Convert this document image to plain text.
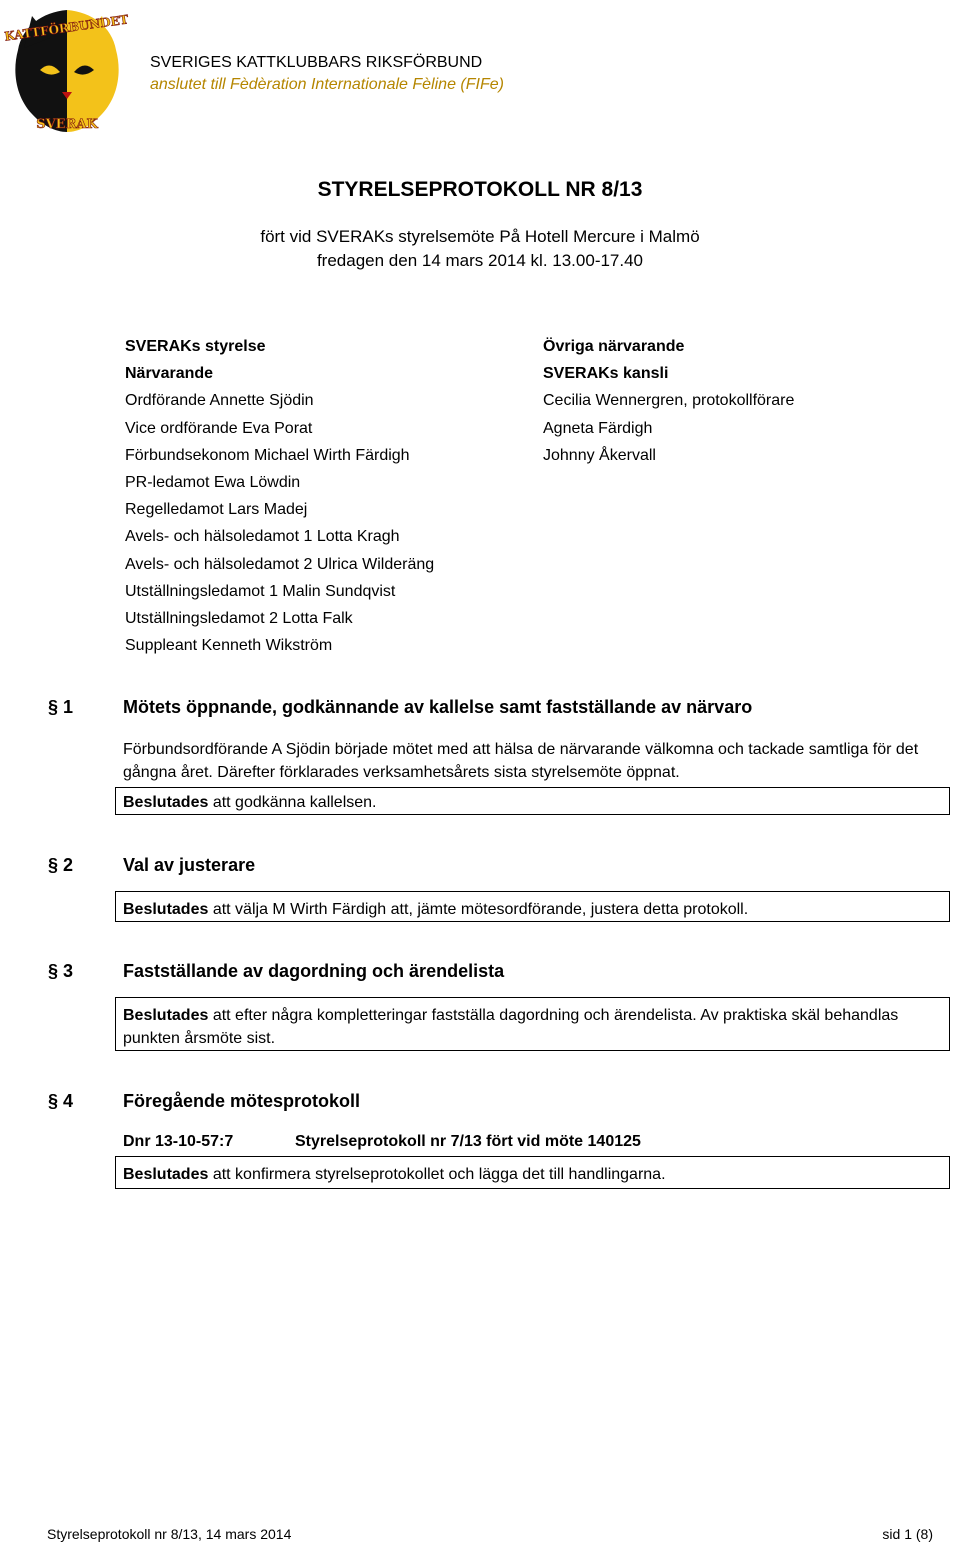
KATTFÖRBUNDET
SVERAK
SVERIGES KATTKLUBBARS RIKSFÖRBUND
anslutet till Fèdèration Internationale Fèline (FIFe)
STYRELSEPROTOKOLL NR 8/13
fört vid SVERAKs styrelsemöte På Hotell Mercure i Malmö
fredagen den 14 mars 2014 kl. 13.00-17.40
SVERAKs styrelse
Närvarande
Ordförande Annette Sjödin
Vice ordförande Eva Porat
Förbundsekonom Michael Wirth Färdigh
PR-ledamot Ewa Löwdin
Regelledamot Lars Madej
Avels- och hälsoledamot 1 Lotta Kragh
Avels- och hälsoledamot 2 Ulrica Wilderäng
Utställningsledamot 1 Malin Sundqvist
Utställningsledamot 2 Lotta Falk
Suppleant Kenneth Wikström
Övriga närvarande
SVERAKs kansli
Cecilia Wennergren, protokollförare
Agneta Färdigh
Johnny Åkervall
§ 1	Mötets öppnande, godkännande av kallelse samt fastställande av närvaro
Förbundsordförande A Sjödin började mötet med att hälsa de närvarande välkomna och tackade samtliga för det gångna året. Därefter förklarades verksamhetsårets sista styrelsemöte öppnat.
Beslutades att godkänna kallelsen.
§ 2	Val av justerare
Beslutades att välja M Wirth Färdigh att, jämte mötesordförande, justera detta protokoll.
§ 3	Fastställande av dagordning och ärendelista
Beslutades att efter några kompletteringar fastställa dagordning och ärendelista. Av praktiska skäl behandlas punkten årsmöte sist.
§ 4	Föregående mötesprotokoll
Dnr 13-10-57:7	Styrelseprotokoll nr 7/13 fört vid möte 140125
Beslutades att konfirmera styrelseprotokollet och lägga det till handlingarna.
Styrelseprotokoll nr 8/13, 14 mars 2014	sid 1 (8)
